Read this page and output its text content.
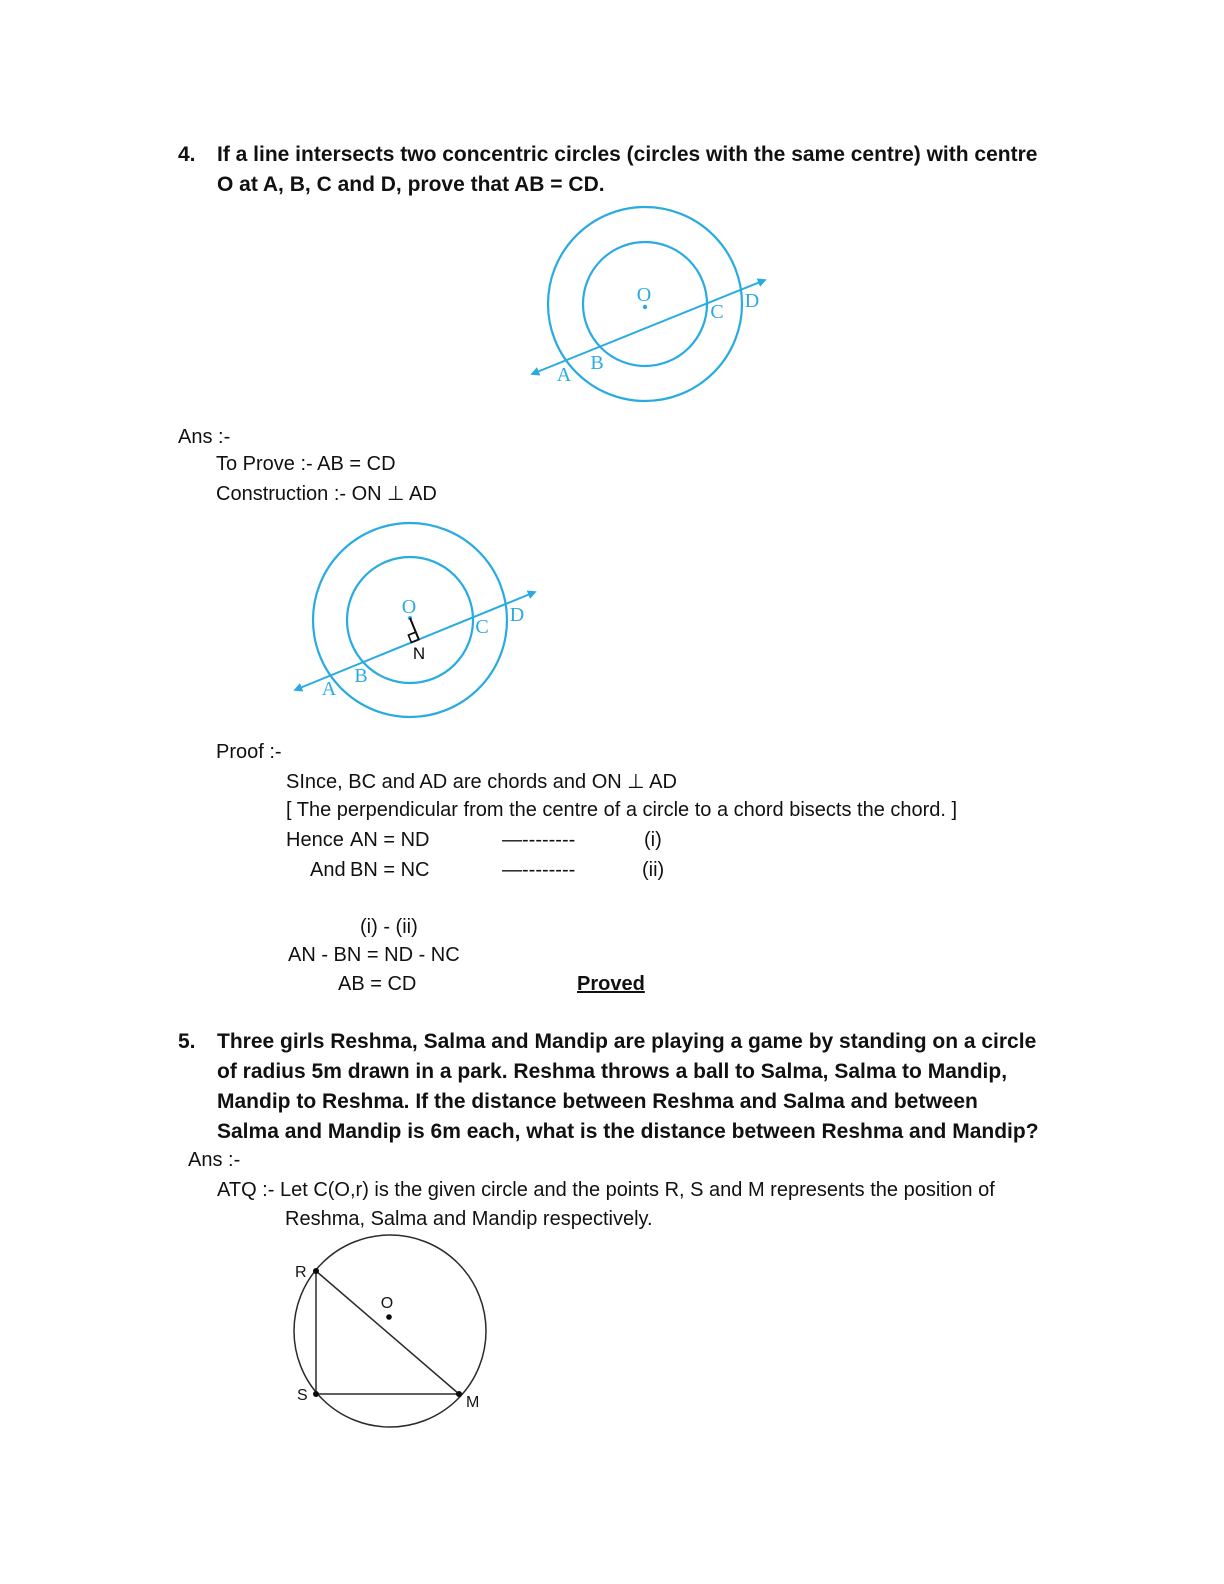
4. If a line intersects two concentric circles (circles with the same centre) with centre
O at A, B, C and D, prove that AB = CD.
O
A
B
C D
Ans :-
To Prove :- AB = CD
Construction :- ON ⊥ AD
O
N
A
B
C
D
Proof :-
SInce, BC and AD are chords and ON ⊥ AD
[ The perpendicular from the centre of a circle to a chord bisects the chord. ]
Hence AN = ND	—--------	(i)
And BN = NC	—--------	(ii)
(i) - (ii)
AN - BN = ND - NC
AB = CD	Proved
5. Three girls Reshma, Salma and Mandip are playing a game by standing on a circle
of radius 5m drawn in a park. Reshma throws a ball to Salma, Salma to Mandip,
Mandip to Reshma. If the distance between Reshma and Salma and between
Salma and Mandip is 6m each, what is the distance between Reshma and Mandip?
Ans :-
ATQ :- Let C(O,r) is the given circle and the points R, S and M represents the position of
Reshma, Salma and Mandip respectively.
R
O
S	M
